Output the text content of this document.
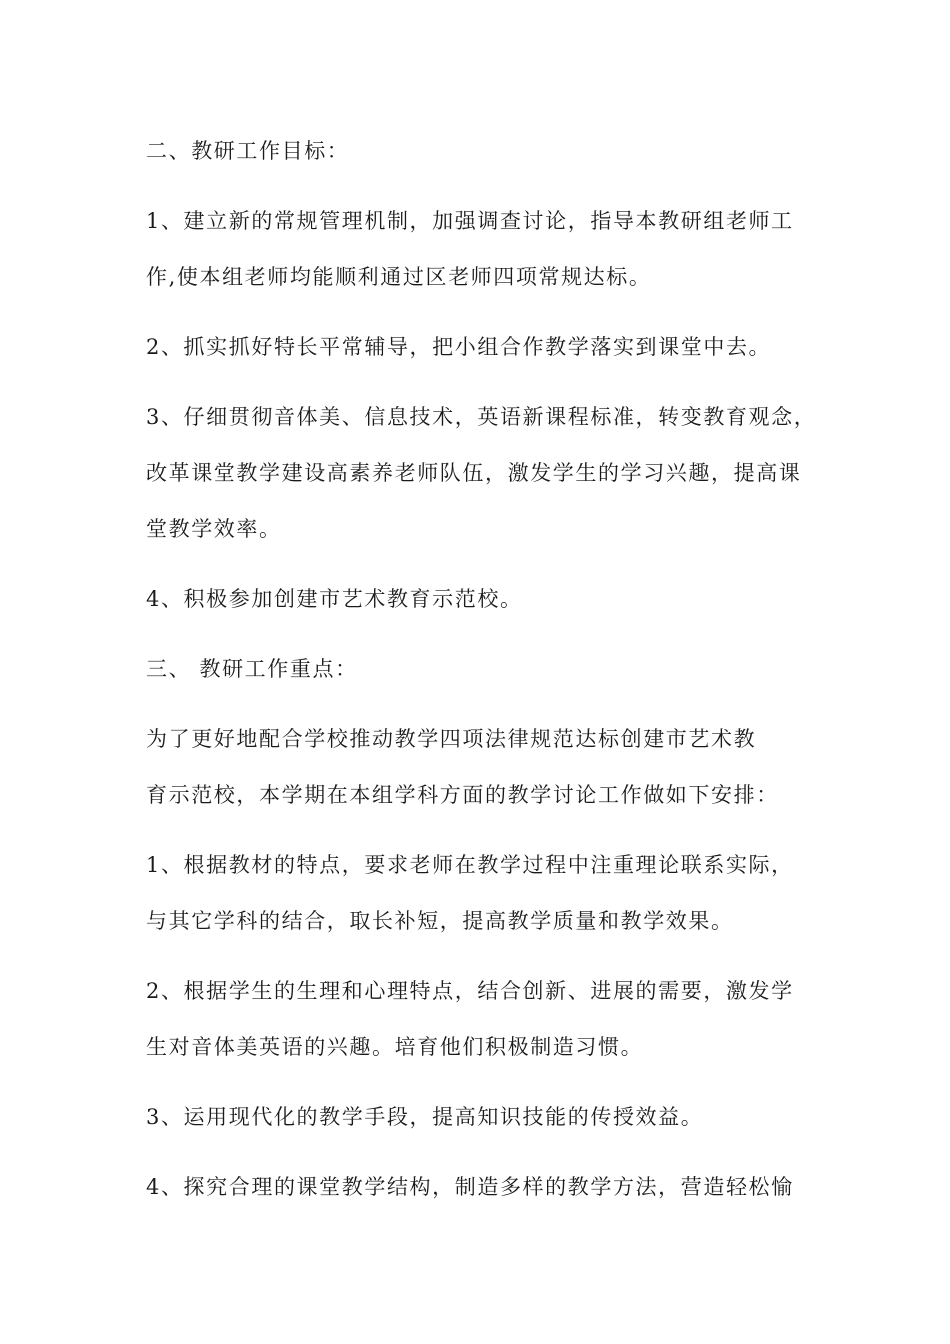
二、教研工作目标：
1、建立新的常规管理机制，加强调查讨论，指导本教研组老师工
作,使本组老师均能顺利通过区老师四项常规达标。
2、抓实抓好特长平常辅导，把小组合作教学落实到课堂中去。
3、仔细贯彻音体美、信息技术，英语新课程标准，转变教育观念，
改革课堂教学建设高素养老师队伍，激发学生的学习兴趣，提高课
堂教学效率。
4、积极参加创建市艺术教育示范校。
三、 教研工作重点：
为了更好地配合学校推动教学四项法律规范达标创建市艺术教
育示范校，本学期在本组学科方面的教学讨论工作做如下安排：
1、根据教材的特点，要求老师在教学过程中注重理论联系实际，
与其它学科的结合，取长补短，提高教学质量和教学效果。
2、根据学生的生理和心理特点，结合创新、进展的需要，激发学
生对音体美英语的兴趣。培育他们积极制造习惯。
3、运用现代化的教学手段，提高知识技能的传授效益。
4、探究合理的课堂教学结构，制造多样的教学方法，营造轻松愉
